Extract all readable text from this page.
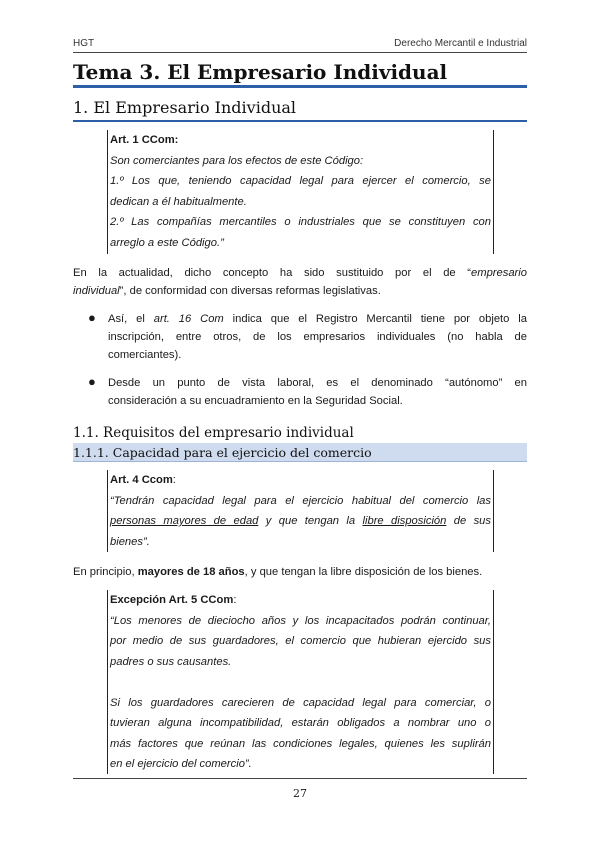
HGT	Derecho Mercantil e Industrial
Tema 3. El Empresario Individual
1. El Empresario Individual
Art. 1 CCom:
Son comerciantes para los efectos de este Código:
1.º Los que, teniendo capacidad legal para ejercer el comercio, se
dedican a él habitualmente.
2.º Las compañías mercantiles o industriales que se constituyen con
arreglo a este Código.”
En la actualidad, dicho concepto ha sido sustituido por el de “empresario
individual”, de conformidad con diversas reformas legislativas.
● Así, el art. 16 Com indica que el Registro Mercantil tiene por objeto la
inscripción, entre otros, de los empresarios individuales (no habla de
comerciantes).
● Desde un punto de vista laboral, es el denominado “autónomo” en
consideración a su encuadramiento en la Seguridad Social.
1.1. Requisitos del empresario individual
1.1.1. Capacidad para el ejercicio del comercio
Art. 4 Ccom:
“Tendrán capacidad legal para el ejercicio habitual del comercio las
personas mayores de edad y que tengan la libre disposición de sus
bienes”.
En principio, mayores de 18 años, y que tengan la libre disposición de los bienes.
Excepción Art. 5 CCom:
“Los menores de dieciocho años y los incapacitados podrán continuar,
por medio de sus guardadores, el comercio que hubieran ejercido sus
padres o sus causantes.

Si los guardadores carecieren de capacidad legal para comerciar, o
tuvieran alguna incompatibilidad, estarán obligados a nombrar uno o
más factores que reúnan las condiciones legales, quienes les suplirán
en el ejercicio del comercio”.
27
